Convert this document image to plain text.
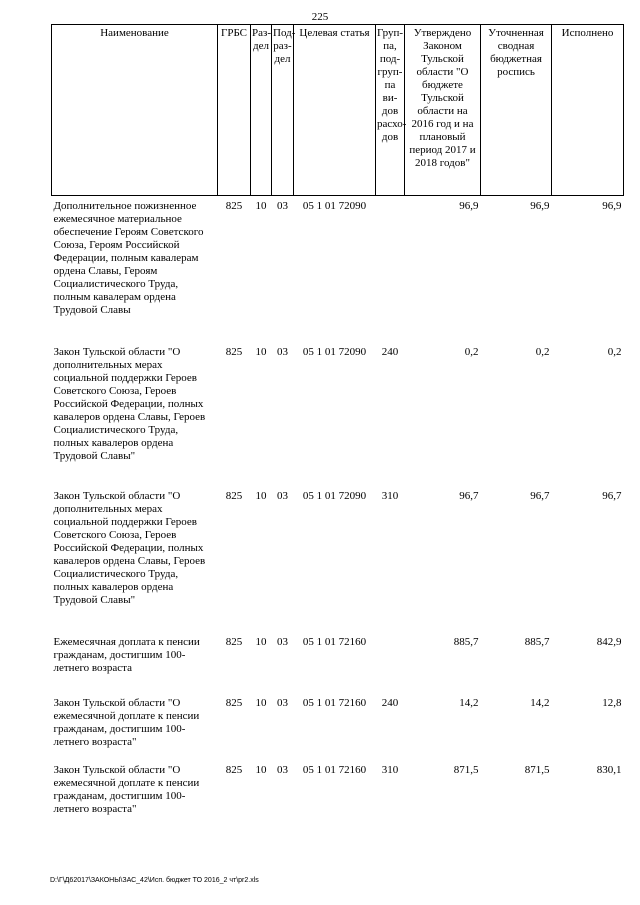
225
Наименование	ГРБС	Раз-дел	Под-раз-дел	Целевая статья	Груп-па, под-груп-па ви-дов расхо-дов	Утверждено Законом Тульской области "О бюджете Тульской области на 2016 год и на плановый период 2017 и 2018 годов"	Уточненная сводная бюджетная роспись	Исполнено
Дополнительное пожизненное ежемесячное материальное обеспечение Героям Советского Союза, Героям Российской Федерации, полным кавалерам ордена Славы, Героям Социалистического Труда, полным кавалерам ордена Трудовой Славы	825	10	03	05 1 01 72090		96,9	96,9	96,9
Закон Тульской области "О дополнительных мерах социальной поддержки Героев Советского Союза, Героев Российской Федерации, полных кавалеров ордена Славы, Героев Социалистического Труда, полных кавалеров ордена Трудовой Славы"	825	10	03	05 1 01 72090	240	0,2	0,2	0,2
Закон Тульской области "О дополнительных мерах социальной поддержки Героев Советского Союза, Героев Российской Федерации, полных кавалеров ордена Славы, Героев Социалистического Труда, полных кавалеров ордена Трудовой Славы"	825	10	03	05 1 01 72090	310	96,7	96,7	96,7
Ежемесячная доплата к пенсии гражданам, достигшим 100-летнего возраста	825	10	03	05 1 01 72160		885,7	885,7	842,9
Закон Тульской области "О ежемесячной доплате к пенсии гражданам, достигшим 100-летнего возраста"	825	10	03	05 1 01 72160	240	14,2	14,2	12,8
Закон Тульской области "О ежемесячной доплате к пенсии гражданам, достигшим 100-летнего возраста"	825	10	03	05 1 01 72160	310	871,5	871,5	830,1
D:\Г\Д62017\ЗАКОНЫ\ЗАС_42\Исп. бюджет ТО 2016_2 чт\pr2.xls
